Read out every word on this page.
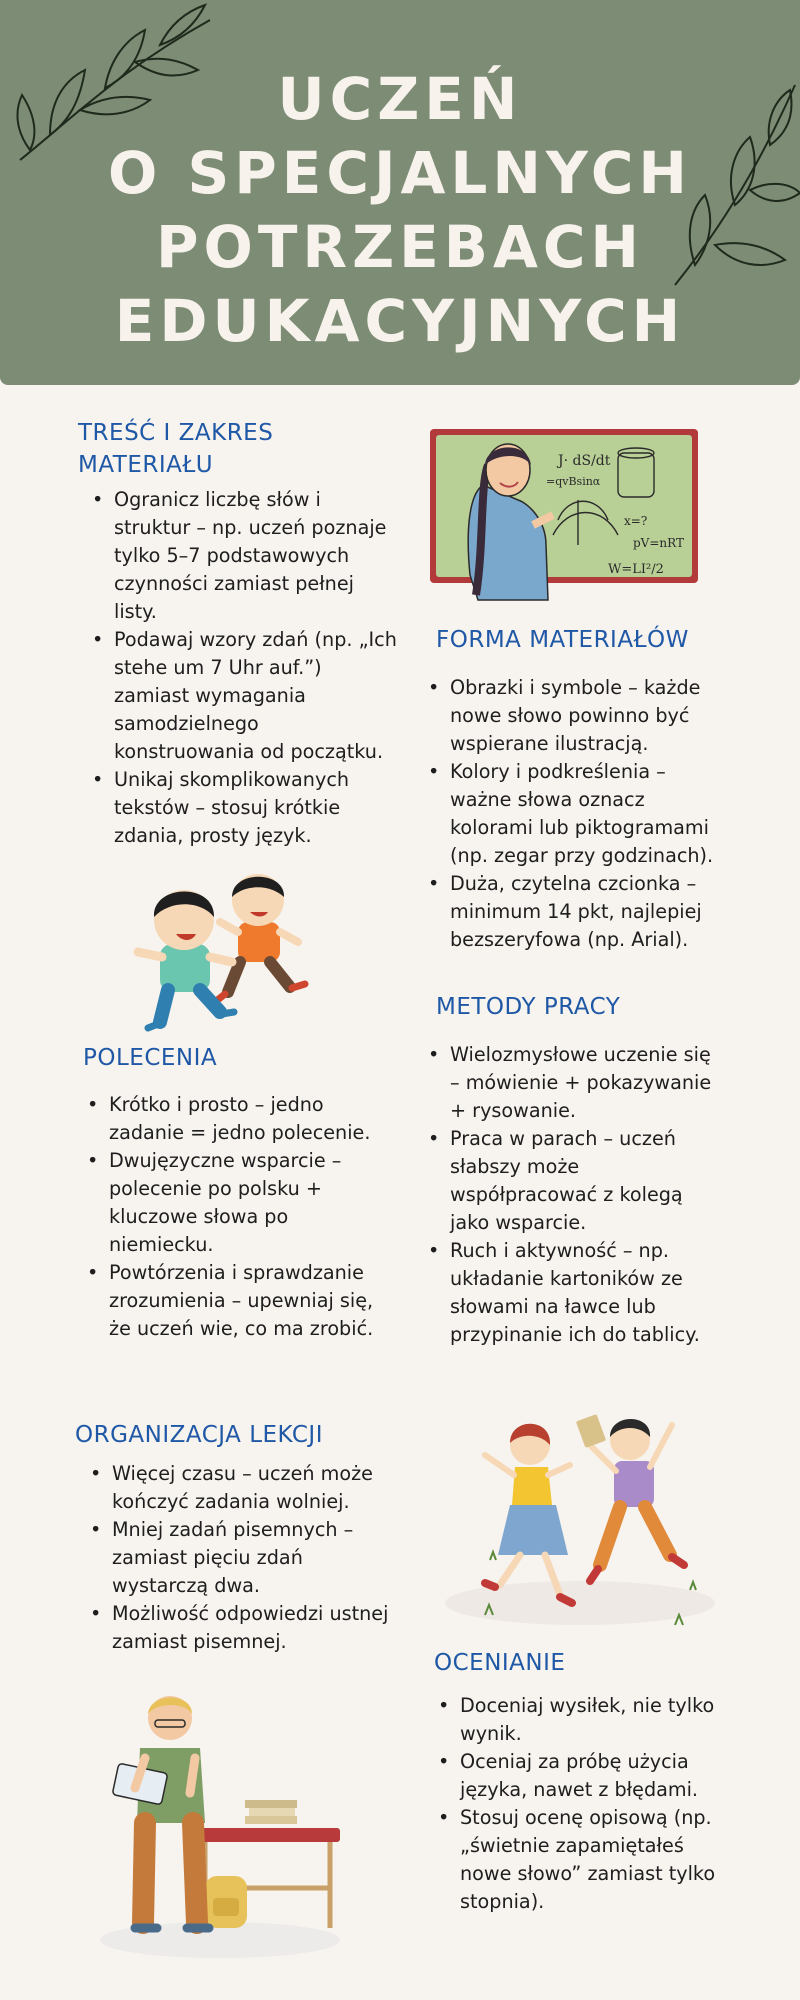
UCZEŃ
O SPECJALNYCH
POTRZEBACH
EDUKACYJNYCH
TREŚĆ I ZAKRES
MATERIAŁU
• Ogranicz liczbę słów i struktur – np. uczeń poznaje tylko 5–7 podstawowych czynności zamiast pełnej listy.
• Podawaj wzory zdań (np. „Ich stehe um 7 Uhr auf.”) zamiast wymagania samodzielnego konstruowania od początku.
• Unikaj skomplikowanych tekstów – stosuj krótkie zdania, prosty język.
J· dS/dt
=qvBsinα
x=?
pV=nRT
W=LI²/2
FORMA MATERIAŁÓW
• Obrazki i symbole – każde nowe słowo powinno być wspierane ilustracją.
• Kolory i podkreślenia – ważne słowa oznacz kolorami lub piktogramami (np. zegar przy godzinach).
• Duża, czytelna czcionka – minimum 14 pkt, najlepiej bezszeryfowa (np. Arial).
METODY PRACY
• Wielozmysłowe uczenie się – mówienie + pokazywanie + rysowanie.
• Praca w parach – uczeń słabszy może współpracować z kolegą jako wsparcie.
• Ruch i aktywność – np. układanie kartoników ze słowami na ławce lub przypinanie ich do tablicy.
POLECENIA
• Krótko i prosto – jedno zadanie = jedno polecenie.
• Dwujęzyczne wsparcie – polecenie po polsku + kluczowe słowa po niemiecku.
• Powtórzenia i sprawdzanie zrozumienia – upewniaj się, że uczeń wie, co ma zrobić.
ORGANIZACJA LEKCJI
• Więcej czasu – uczeń może kończyć zadania wolniej.
• Mniej zadań pisemnych – zamiast pięciu zdań wystarczą dwa.
• Możliwość odpowiedzi ustnej zamiast pisemnej.
OCENIANIE
• Doceniaj wysiłek, nie tylko wynik.
• Oceniaj za próbę użycia języka, nawet z błędami.
• Stosuj ocenę opisową (np. „świetnie zapamiętałeś nowe słowo” zamiast tylko stopnia).
